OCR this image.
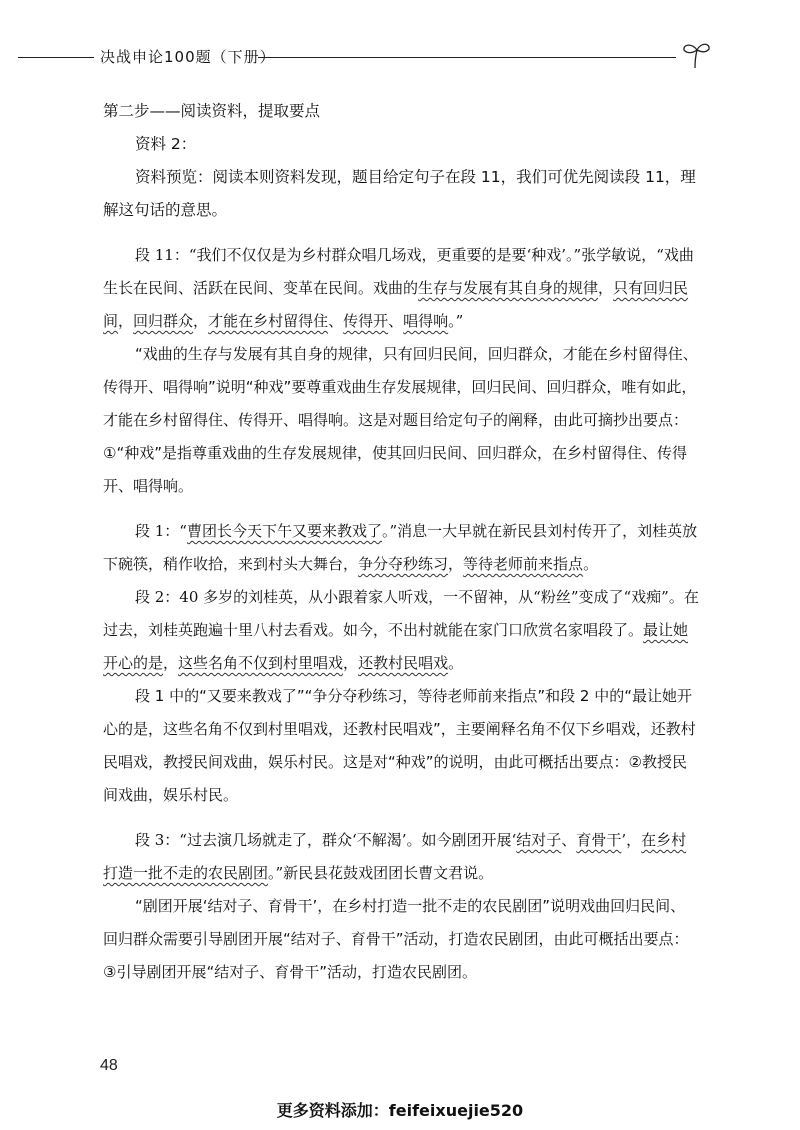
决战申论100题（下册）

第二步——阅读资料，提取要点

资料 2：

资料预览：阅读本则资料发现，题目给定句子在段 11，我们可优先阅读段 11，理解这句话的意思。

段 11：“我们不仅仅是为乡村群众唱几场戏，更重要的是要‘种戏’。”张学敏说，“戏曲生长在民间、活跃在民间、变革在民间。戏曲的生存与发展有其自身的规律，只有回归民间，回归群众，才能在乡村留得住、传得开、唱得响。”

“戏曲的生存与发展有其自身的规律，只有回归民间，回归群众，才能在乡村留得住、传得开、唱得响”说明“种戏”要尊重戏曲生存发展规律，回归民间、回归群众，唯有如此，才能在乡村留得住、传得开、唱得响。这是对题目给定句子的阐释，由此可摘抄出要点：①“种戏”是指尊重戏曲的生存发展规律，使其回归民间、回归群众，在乡村留得住、传得开、唱得响。

段 1：“曹团长今天下午又要来教戏了。”消息一大早就在新民县刘村传开了，刘桂英放下碗筷，稍作收拾，来到村头大舞台，争分夺秒练习，等待老师前来指点。

段 2：40 多岁的刘桂英，从小跟着家人听戏，一不留神，从“粉丝”变成了“戏痴”。在过去，刘桂英跑遍十里八村去看戏。如今，不出村就能在家门口欣赏名家唱段了。最让她开心的是，这些名角不仅到村里唱戏，还教村民唱戏。

段 1 中的“又要来教戏了”“争分夺秒练习，等待老师前来指点”和段 2 中的“最让她开心的是，这些名角不仅到村里唱戏，还教村民唱戏”，主要阐释名角不仅下乡唱戏，还教村民唱戏，教授民间戏曲，娱乐村民。这是对“种戏”的说明，由此可概括出要点：②教授民间戏曲，娱乐村民。

段 3：“过去演几场就走了，群众‘不解渴’。如今剧团开展‘结对子、育骨干’，在乡村打造一批不走的农民剧团。”新民县花鼓戏团团长曹文君说。

“剧团开展‘结对子、育骨干’，在乡村打造一批不走的农民剧团”说明戏曲回归民间、回归群众需要引导剧团开展“结对子、育骨干”活动，打造农民剧团，由此可概括出要点：③引导剧团开展“结对子、育骨干”活动，打造农民剧团。

48
更多资料添加：feifeixuejie520
